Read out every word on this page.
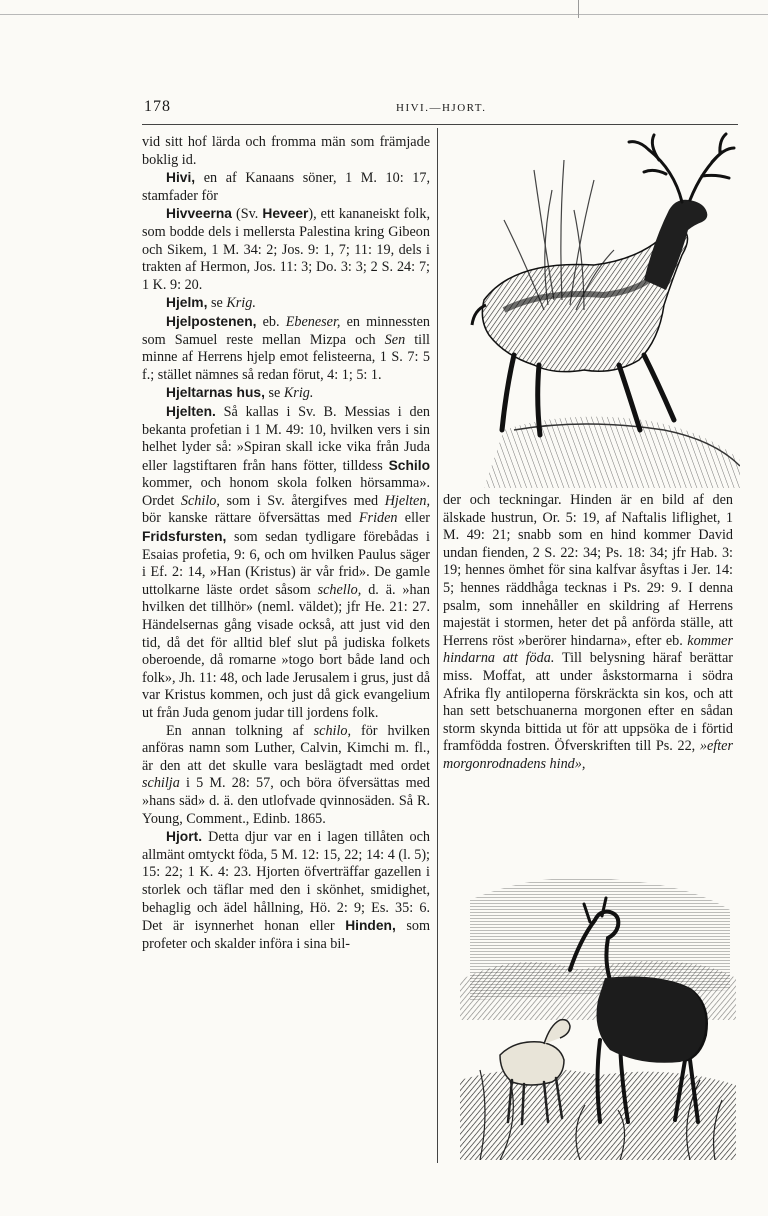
178	HIVI.—HJORT.

vid sitt hof lärda och fromma män som främjade boklig id.

Hivi, en af Kanaans söner, 1 M. 10: 17, stamfader för

Hivveerna (Sv. Heveer), ett kananeiskt folk, som bodde dels i mellersta Palestina kring Gibeon och Sikem, 1 M. 34: 2; Jos. 9: 1, 7; 11: 19, dels i trakten af Hermon, Jos. 11: 3; Do. 3: 3; 2 S. 24: 7; 1 K. 9: 20.

Hjelm, se Krig.

Hjelpostenen, eb. Ebeneser, en minnessten som Samuel reste mellan Mizpa och Sen till minne af Herrens hjelp emot felisteerna, 1 S. 7: 5 f.; stället nämnes så redan förut, 4: 1; 5: 1.

Hjeltarnas hus, se Krig.

Hjelten. Så kallas i Sv. B. Messias i den bekanta profetian i 1 M. 49: 10, hvilken vers i sin helhet lyder så: »Spiran skall icke vika från Juda eller lagstiftaren från hans fötter, tilldess Schilo kommer, och honom skola folken hörsamma». Ordet Schilo, som i Sv. återgifves med Hjelten, bör kanske rättare öfversättas med Friden eller Fridsfursten, som sedan tydligare förebådas i Esaias profetia, 9: 6, och om hvilken Paulus säger i Ef. 2: 14, »Han (Kristus) är vår frid». De gamle uttolkarne läste ordet såsom schello, d. ä. »han hvilken det tillhör» (neml. väldet); jfr He. 21: 27. Händelsernas gång visade också, att just vid den tid, då det för alltid blef slut på judiska folkets oberoende, då romarne »togo bort både land och folk», Jh. 11: 48, och lade Jerusalem i grus, just då var Kristus kommen, och just då gick evangelium ut från Juda genom judar till jordens folk.

En annan tolkning af schilo, för hvilken anföras namn som Luther, Calvin, Kimchi m. fl., är den att det skulle vara beslägtadt med ordet schilja i 5 M. 28: 57, och böra öfversättas med »hans säd» d. ä. den utlofvade qvinnosäden. Så R. Young, Comment., Edinb. 1865.

Hjort. Detta djur var en i lagen tillåten och allmänt omtyckt föda, 5 M. 12: 15, 22; 14: 4 (l. 5); 15: 22; 1 K. 4: 23. Hjorten öfverträffar gazellen i storlek och täflar med den i skönhet, smidighet, behaglig och ädel hållning, Hö. 2: 9; Es. 35: 6. Det är isynnerhet honan eller Hinden, som profeter och skalder införa i sina bil-

der och teckningar. Hinden är en bild af den älskade hustrun, Or. 5: 19, af Naftalis liflighet, 1 M. 49: 21; snabb som en hind kommer David undan fienden, 2 S. 22: 34; Ps. 18: 34; jfr Hab. 3: 19; hennes ömhet för sina kalfvar åsyftas i Jer. 14: 5; hennes räddhåga tecknas i Ps. 29: 9. I denna psalm, som innehåller en skildring af Herrens majestät i stormen, heter det på anförda ställe, att Herrens röst »berörer hindarna», efter eb. kommer hindarna att föda. Till belysning häraf berättar miss. Moffat, att under åskstormarna i södra Afrika fly antiloperna förskräckta sin kos, och att han sett betschuanerna morgonen efter en sådan storm skynda bittida ut för att uppsöka de i förtid framfödda fostren. Öfverskriften till Ps. 22, »efter morgonrodnadens hind»,
